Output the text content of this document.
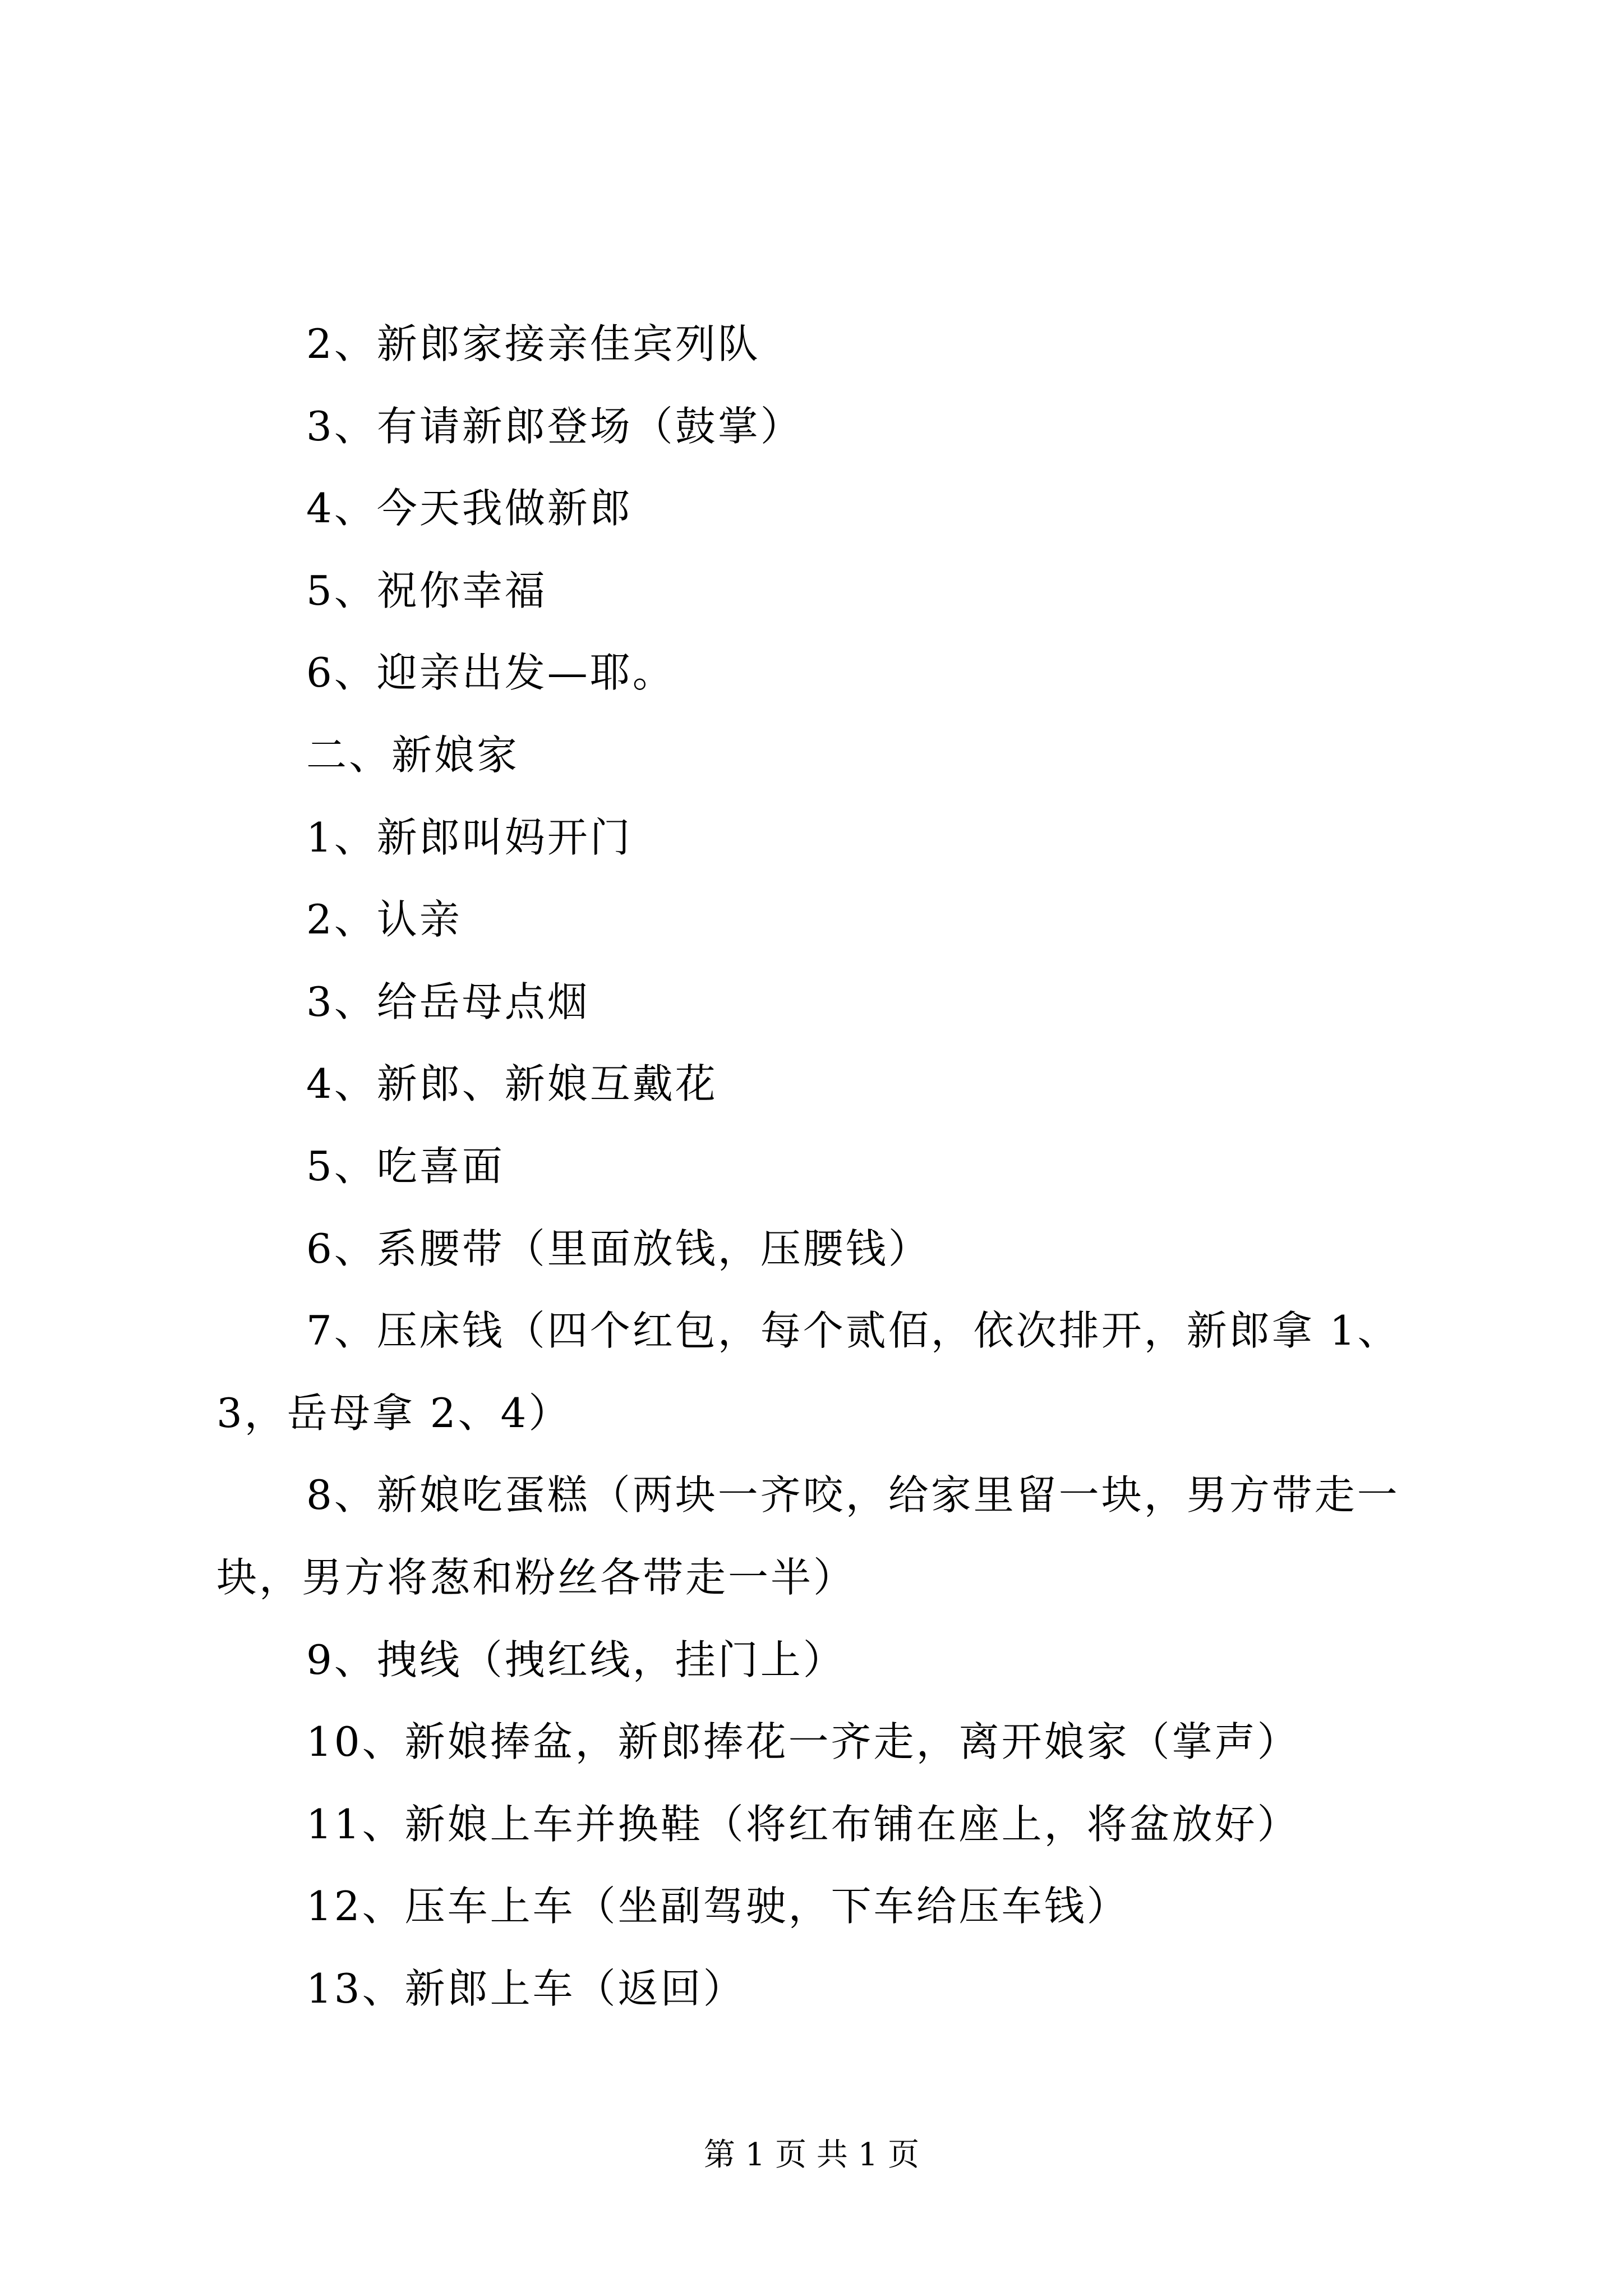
2、新郎家接亲佳宾列队
3、有请新郎登场（鼓掌）
4、今天我做新郎
5、祝你幸福
6、迎亲出发—耶。
二、新娘家
1、新郎叫妈开门
2、认亲
3、给岳母点烟
4、新郎、新娘互戴花
5、吃喜面
6、系腰带（里面放钱，压腰钱）
7、压床钱（四个红包，每个贰佰，依次排开，新郎拿 1、
3，岳母拿 2、4）
8、新娘吃蛋糕（两块一齐咬，给家里留一块，男方带走一
块，男方将葱和粉丝各带走一半）
9、拽线（拽红线，挂门上）
10、新娘捧盆，新郎捧花一齐走，离开娘家（掌声）
11、新娘上车并换鞋（将红布铺在座上，将盆放好）
12、压车上车（坐副驾驶，下车给压车钱）
13、新郎上车（返回）
第 1 页 共 1 页
